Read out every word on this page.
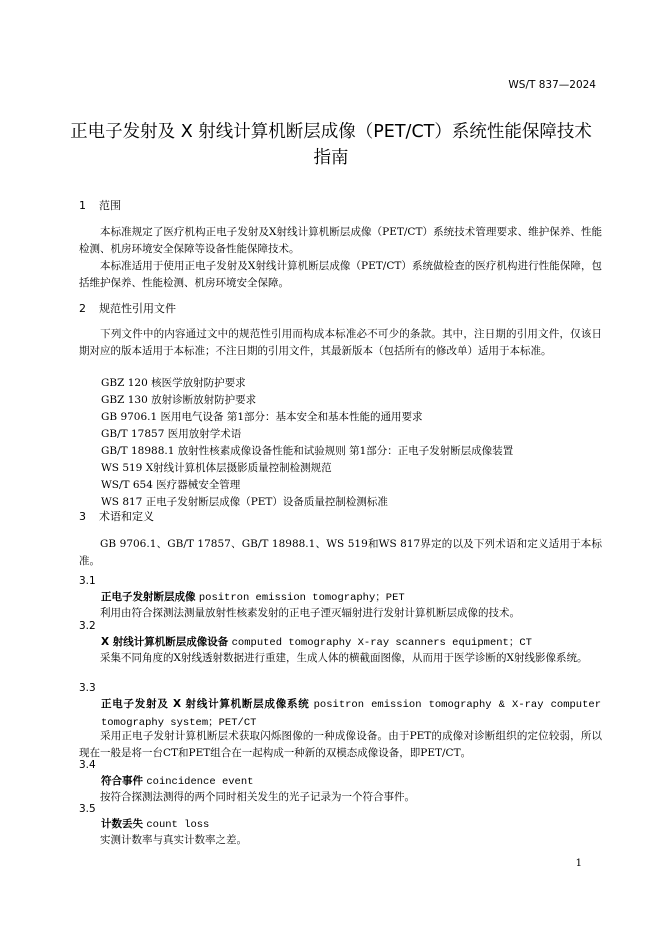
WS/T 837—2024
正电子发射及 X 射线计算机断层成像（PET/CT）系统性能保障技术
指南
1 范围
本标准规定了医疗机构正电子发射及X射线计算机断层成像（PET/CT）系统技术管理要求、维护保养、性能检测、机房环境安全保障等设备性能保障技术。
本标准适用于使用正电子发射及X射线计算机断层成像（PET/CT）系统做检查的医疗机构进行性能保障，包括维护保养、性能检测、机房环境安全保障。
2 规范性引用文件
下列文件中的内容通过文中的规范性引用而构成本标准必不可少的条款。其中，注日期的引用文件，仅该日期对应的版本适用于本标准；不注日期的引用文件，其最新版本（包括所有的修改单）适用于本标准。
GBZ 120 核医学放射防护要求
GBZ 130 放射诊断放射防护要求
GB 9706.1 医用电气设备 第1部分：基本安全和基本性能的通用要求
GB/T 17857 医用放射学术语
GB/T 18988.1 放射性核素成像设备性能和试验规则 第1部分：正电子发射断层成像装置
WS 519 X射线计算机体层摄影质量控制检测规范
WS/T 654 医疗器械安全管理
WS 817 正电子发射断层成像（PET）设备质量控制检测标准
3 术语和定义
GB 9706.1、GB/T 17857、GB/T 18988.1、WS 519和WS 817界定的以及下列术语和定义适用于本标准。
3.1
正电子发射断层成像 positron emission tomography；PET
利用由符合探测法测量放射性核素发射的正电子湮灭辐射进行发射计算机断层成像的技术。
3.2
X 射线计算机断层成像设备 computed tomography X-ray scanners equipment；CT
采集不同角度的X射线透射数据进行重建，生成人体的横截面图像，从而用于医学诊断的X射线影像系统。
3.3
正电子发射及 X 射线计算机断层成像系统 positron emission tomography & X-ray computer tomography system；PET/CT
采用正电子发射计算机断层术获取闪烁图像的一种成像设备。由于PET的成像对诊断组织的定位较弱，所以现在一般是将一台CT和PET组合在一起构成一种新的双模态成像设备，即PET/CT。
3.4
符合事件 coincidence event
按符合探测法测得的两个同时相关发生的光子记录为一个符合事件。
3.5
计数丢失 count loss
实测计数率与真实计数率之差。
1
